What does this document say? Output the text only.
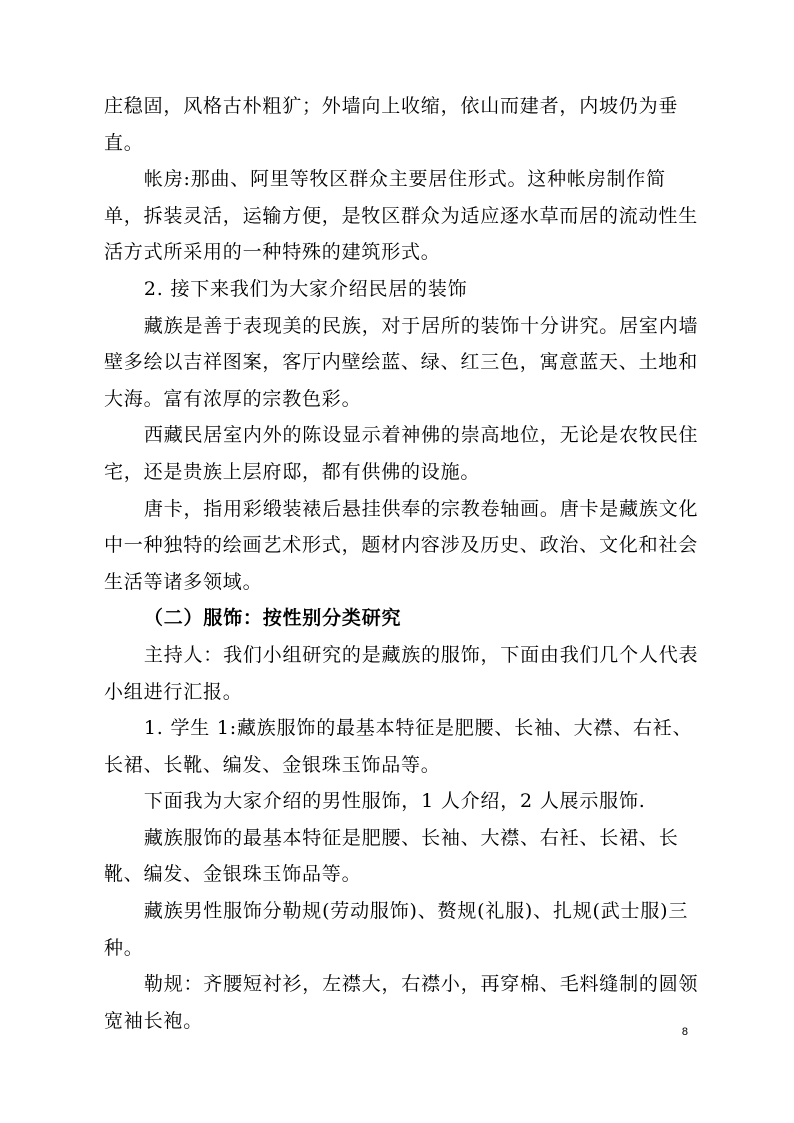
庄稳固，风格古朴粗犷；外墙向上收缩，依山而建者，内坡仍为垂直。

帐房:那曲、阿里等牧区群众主要居住形式。这种帐房制作简单，拆装灵活，运输方便，是牧区群众为适应逐水草而居的流动性生活方式所采用的一种特殊的建筑形式。

2. 接下来我们为大家介绍民居的装饰

藏族是善于表现美的民族，对于居所的装饰十分讲究。居室内墙壁多绘以吉祥图案，客厅内壁绘蓝、绿、红三色，寓意蓝天、土地和大海。富有浓厚的宗教色彩。

西藏民居室内外的陈设显示着神佛的崇高地位，无论是农牧民住宅，还是贵族上层府邸，都有供佛的设施。

唐卡，指用彩缎装裱后悬挂供奉的宗教卷轴画。唐卡是藏族文化中一种独特的绘画艺术形式，题材内容涉及历史、政治、文化和社会生活等诸多领域。

（二）服饰：按性别分类研究

主持人：我们小组研究的是藏族的服饰，下面由我们几个人代表小组进行汇报。

1. 学生 1:藏族服饰的最基本特征是肥腰、长袖、大襟、右衽、长裙、长靴、编发、金银珠玉饰品等。

下面我为大家介绍的男性服饰，1 人介绍，2 人展示服饰.

藏族服饰的最基本特征是肥腰、长袖、大襟、右衽、长裙、长靴、编发、金银珠玉饰品等。

藏族男性服饰分勒规(劳动服饰)、赘规(礼服)、扎规(武士服)三种。

勒规：齐腰短衬衫，左襟大，右襟小，再穿棉、毛料缝制的圆领宽袖长袍。

8
